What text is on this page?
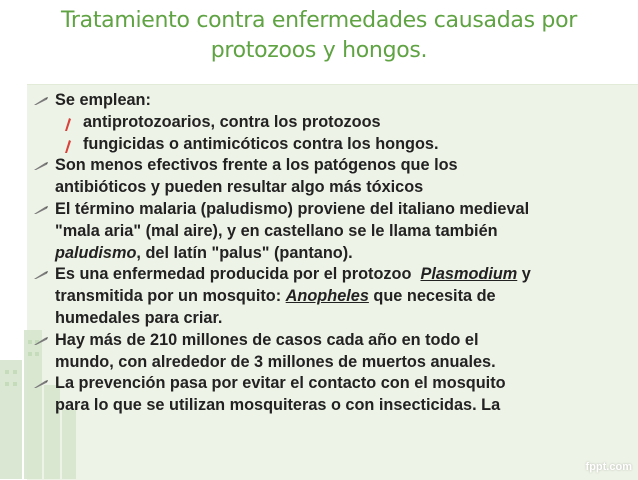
Tratamiento contra enfermedades causadas por
protozoos y hongos.
Se emplean:
antiprotozoarios, contra los protozoos
fungicidas o antimicóticos contra los hongos.
Son menos efectivos frente a los patógenos que los
antibióticos y pueden resultar algo más tóxicos
El término malaria (paludismo) proviene del italiano medieval
"mala aria" (mal aire), y en castellano se le llama también
paludismo, del latín "palus" (pantano).
Es una enfermedad producida por el protozoo  Plasmodium y
transmitida por un mosquito: Anopheles que necesita de
humedales para criar.
Hay más de 210 millones de casos cada año en todo el
mundo, con alrededor de 3 millones de muertos anuales.
La prevención pasa por evitar el contacto con el mosquito
para lo que se utilizan mosquiteras o con insecticidas. La
fppt.com
